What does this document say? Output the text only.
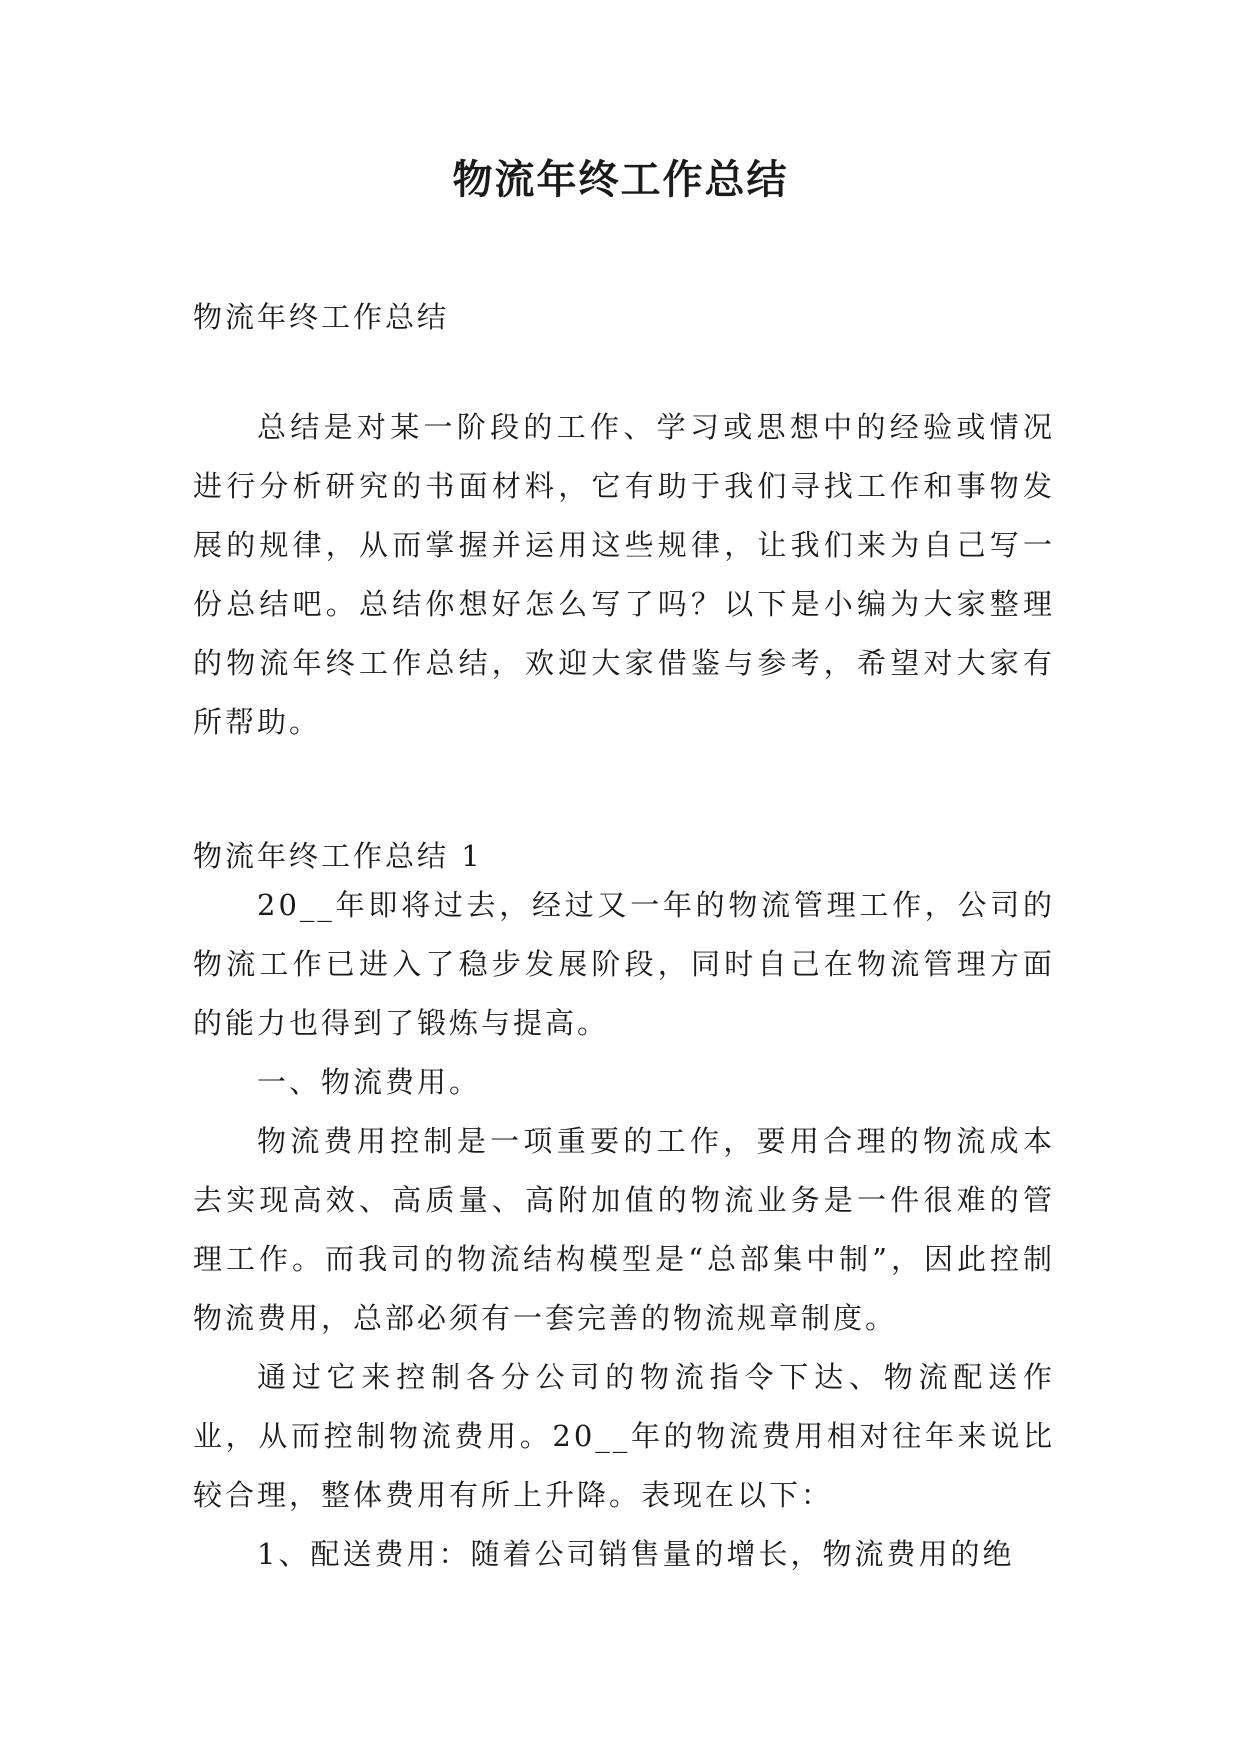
物流年终工作总结
物流年终工作总结
总结是对某一阶段的工作、学习或思想中的经验或情况进行分析研究的书面材料，它有助于我们寻找工作和事物发展的规律，从而掌握并运用这些规律，让我们来为自己写一份总结吧。总结你想好怎么写了吗？以下是小编为大家整理的物流年终工作总结，欢迎大家借鉴与参考，希望对大家有所帮助。
物流年终工作总结 1

20__年即将过去，经过又一年的物流管理工作，公司的物流工作已进入了稳步发展阶段，同时自己在物流管理方面的能力也得到了锻炼与提高。

一、物流费用。

物流费用控制是一项重要的工作，要用合理的物流成本去实现高效、高质量、高附加值的物流业务是一件很难的管理工作。而我司的物流结构模型是“总部集中制”，因此控制物流费用，总部必须有一套完善的物流规章制度。

通过它来控制各分公司的物流指令下达、物流配送作业，从而控制物流费用。20__年的物流费用相对往年来说比较合理，整体费用有所上升降。表现在以下：

1、配送费用：随着公司销售量的增长，物流费用的绝
